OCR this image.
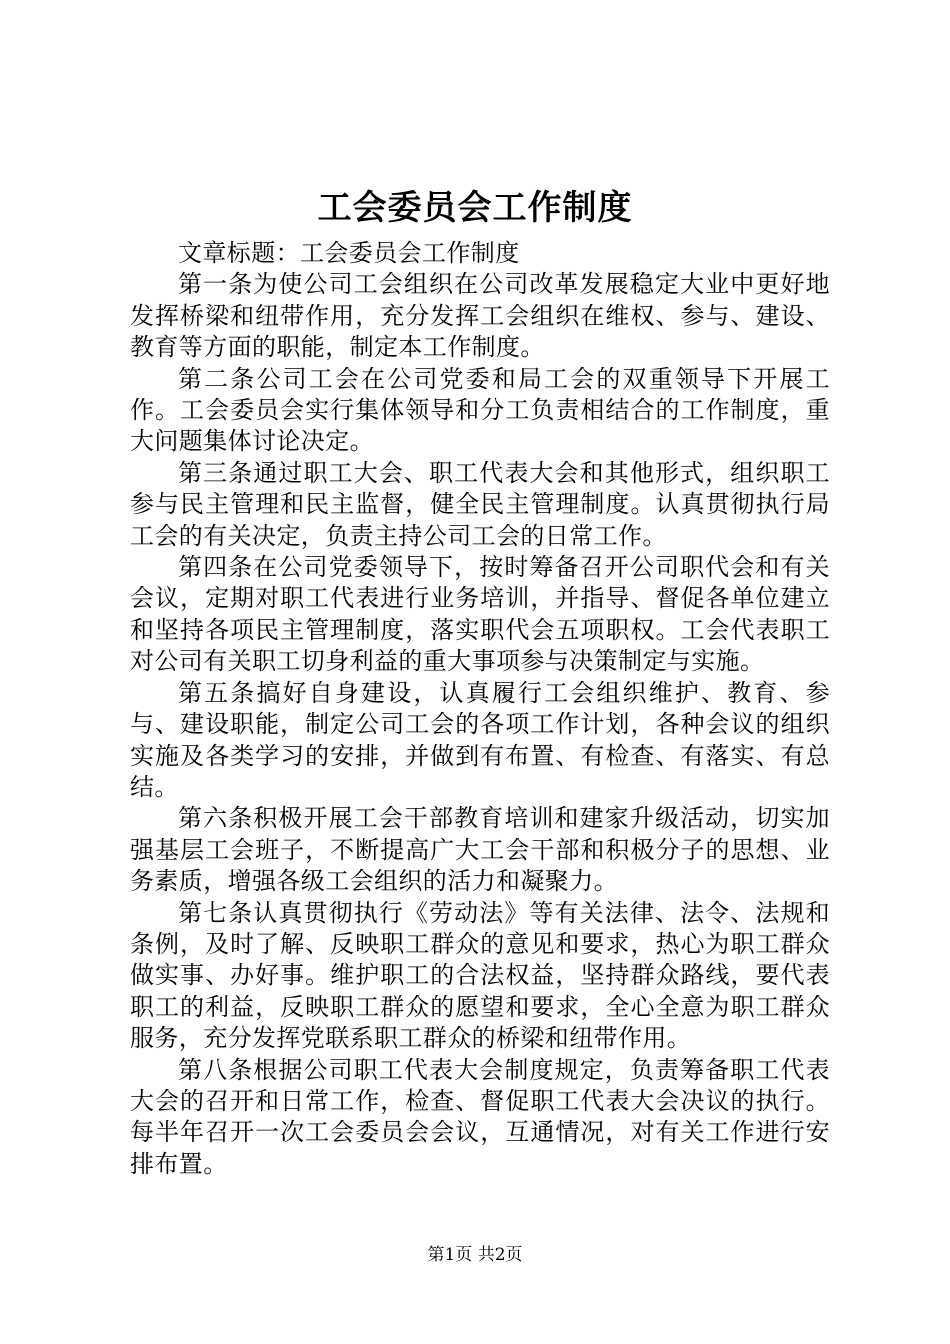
工会委员会工作制度

文章标题：工会委员会工作制度

第一条为使公司工会组织在公司改革发展稳定大业中更好地发挥桥梁和纽带作用，充分发挥工会组织在维权、参与、建设、教育等方面的职能，制定本工作制度。

第二条公司工会在公司党委和局工会的双重领导下开展工作。工会委员会实行集体领导和分工负责相结合的工作制度，重大问题集体讨论决定。

第三条通过职工大会、职工代表大会和其他形式，组织职工参与民主管理和民主监督，健全民主管理制度。认真贯彻执行局工会的有关决定，负责主持公司工会的日常工作。

第四条在公司党委领导下，按时筹备召开公司职代会和有关会议，定期对职工代表进行业务培训，并指导、督促各单位建立和坚持各项民主管理制度，落实职代会五项职权。工会代表职工对公司有关职工切身利益的重大事项参与决策制定与实施。

第五条搞好自身建设，认真履行工会组织维护、教育、参与、建设职能，制定公司工会的各项工作计划，各种会议的组织实施及各类学习的安排，并做到有布置、有检查、有落实、有总结。

第六条积极开展工会干部教育培训和建家升级活动，切实加强基层工会班子，不断提高广大工会干部和积极分子的思想、业务素质，增强各级工会组织的活力和凝聚力。

第七条认真贯彻执行《劳动法》等有关法律、法令、法规和条例，及时了解、反映职工群众的意见和要求，热心为职工群众做实事、办好事。维护职工的合法权益，坚持群众路线，要代表职工的利益，反映职工群众的愿望和要求，全心全意为职工群众服务，充分发挥党联系职工群众的桥梁和纽带作用。

第八条根据公司职工代表大会制度规定，负责筹备职工代表大会的召开和日常工作，检查、督促职工代表大会决议的执行。每半年召开一次工会委员会会议，互通情况，对有关工作进行安排布置。

第1页 共2页
